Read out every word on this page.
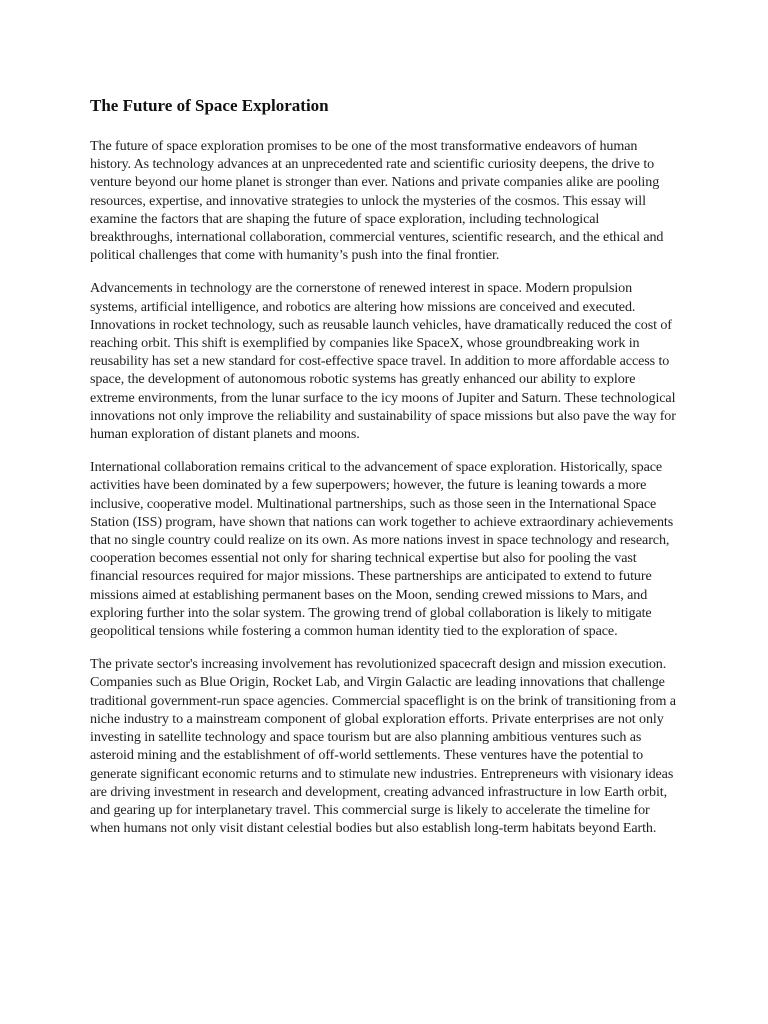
The Future of Space Exploration

The future of space exploration promises to be one of the most transformative endeavors of human history. As technology advances at an unprecedented rate and scientific curiosity deepens, the drive to venture beyond our home planet is stronger than ever. Nations and private companies alike are pooling resources, expertise, and innovative strategies to unlock the mysteries of the cosmos. This essay will examine the factors that are shaping the future of space exploration, including technological breakthroughs, international collaboration, commercial ventures, scientific research, and the ethical and political challenges that come with humanity’s push into the final frontier.

Advancements in technology are the cornerstone of renewed interest in space. Modern propulsion systems, artificial intelligence, and robotics are altering how missions are conceived and executed. Innovations in rocket technology, such as reusable launch vehicles, have dramatically reduced the cost of reaching orbit. This shift is exemplified by companies like SpaceX, whose groundbreaking work in reusability has set a new standard for cost-effective space travel. In addition to more affordable access to space, the development of autonomous robotic systems has greatly enhanced our ability to explore extreme environments, from the lunar surface to the icy moons of Jupiter and Saturn. These technological innovations not only improve the reliability and sustainability of space missions but also pave the way for human exploration of distant planets and moons.

International collaboration remains critical to the advancement of space exploration. Historically, space activities have been dominated by a few superpowers; however, the future is leaning towards a more inclusive, cooperative model. Multinational partnerships, such as those seen in the International Space Station (ISS) program, have shown that nations can work together to achieve extraordinary achievements that no single country could realize on its own. As more nations invest in space technology and research, cooperation becomes essential not only for sharing technical expertise but also for pooling the vast financial resources required for major missions. These partnerships are anticipated to extend to future missions aimed at establishing permanent bases on the Moon, sending crewed missions to Mars, and exploring further into the solar system. The growing trend of global collaboration is likely to mitigate geopolitical tensions while fostering a common human identity tied to the exploration of space.

The private sector's increasing involvement has revolutionized spacecraft design and mission execution. Companies such as Blue Origin, Rocket Lab, and Virgin Galactic are leading innovations that challenge traditional government-run space agencies. Commercial spaceflight is on the brink of transitioning from a niche industry to a mainstream component of global exploration efforts. Private enterprises are not only investing in satellite technology and space tourism but are also planning ambitious ventures such as asteroid mining and the establishment of off-world settlements. These ventures have the potential to generate significant economic returns and to stimulate new industries. Entrepreneurs with visionary ideas are driving investment in research and development, creating advanced infrastructure in low Earth orbit, and gearing up for interplanetary travel. This commercial surge is likely to accelerate the timeline for when humans not only visit distant celestial bodies but also establish long-term habitats beyond Earth.
